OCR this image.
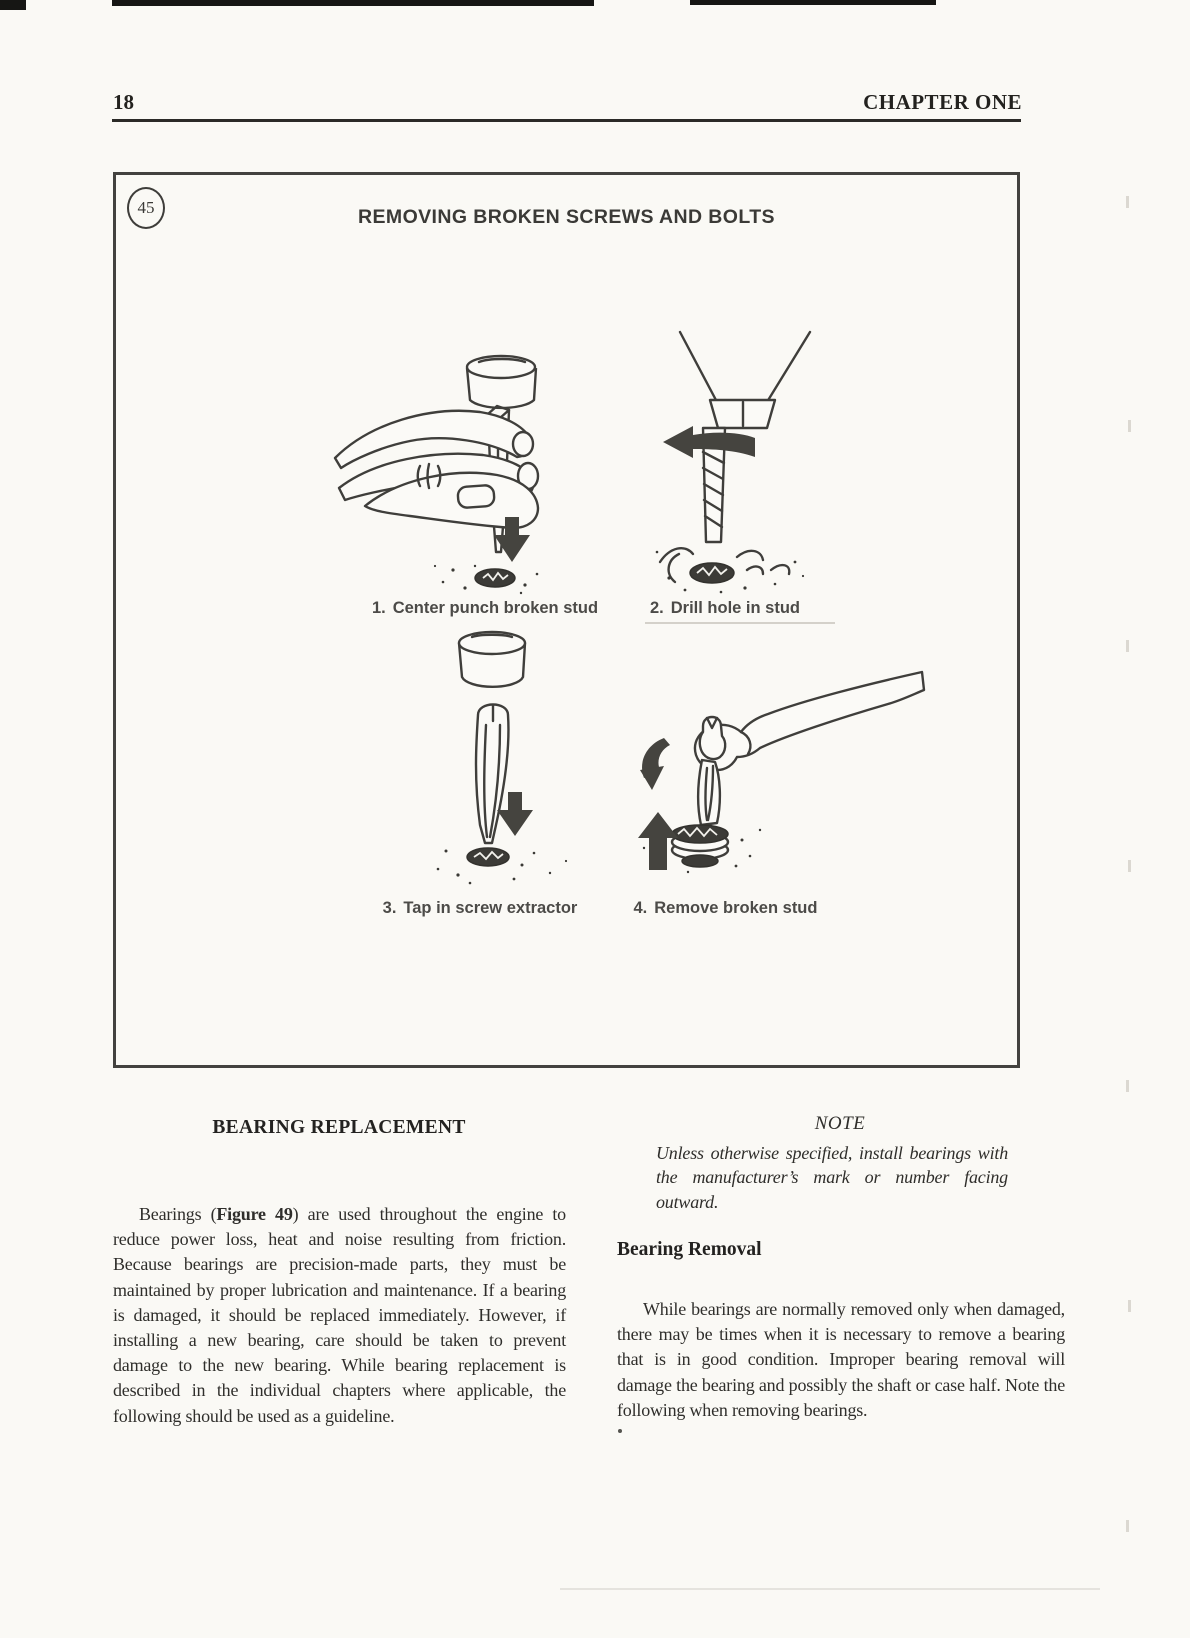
18	CHAPTER ONE
45	REMOVING BROKEN SCREWS AND BOLTS
1. Center punch broken stud	2. Drill hole in stud
3. Tap in screw extractor	4. Remove broken stud
BEARING REPLACEMENT

Bearings (Figure 49) are used throughout the engine to reduce power loss, heat and noise resulting from friction. Because bearings are precision-made parts, they must be maintained by proper lubrication and maintenance. If a bearing is damaged, it should be replaced immediately. However, if installing a new bearing, care should be taken to prevent damage to the new bearing. While bearing replacement is described in the individual chapters where applicable, the following should be used as a guideline.

NOTE
Unless otherwise specified, install bearings with the manufacturer’s mark or number facing outward.
Bearing Removal

While bearings are normally removed only when damaged, there may be times when it is necessary to remove a bearing that is in good condition. Improper bearing removal will damage the bearing and possibly the shaft or case half. Note the following when removing bearings.
